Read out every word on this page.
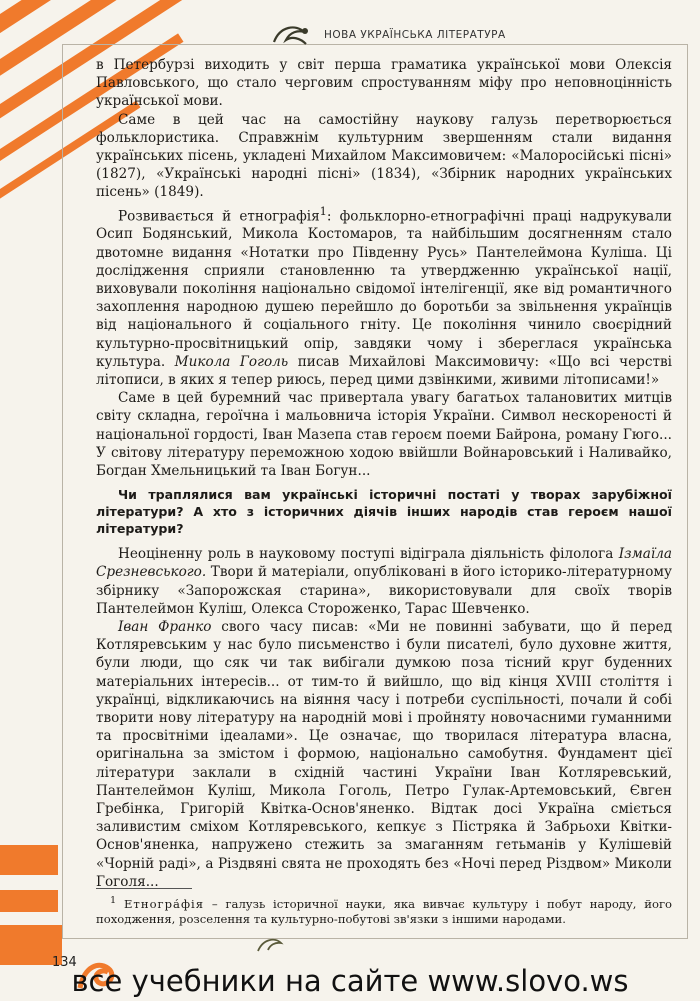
НОВА УКРАЇНСЬКА ЛІТЕРАТУРА

в Петербурзі виходить у світ перша граматика української мови Олексія Павловського, що стало черговим спростуванням міфу про неповноцінність української мови.

Саме в цей час на самостійну наукову галузь перетворюється фольклористика. Справжнім культурним звершенням стали видання українських пісень, укладені Михайлом Максимовичем: «Малоросійські пісні» (1827), «Українські народні пісні» (1834), «Збірник народних українських пісень» (1849).

Розвивається й етнографія$^1$: фольклорно-етнографічні праці надрукували Осип Бодянський, Микола Костомаров, та найбільшим досягненням стало двотомне видання «Нотатки про Південну Русь» Пантелеймона Куліша. Ці дослідження сприяли становленню та утвердженню української нації, виховували покоління національно свідомої інтелігенції, яке від романтичного захоплення народною душею перейшло до боротьби за звільнення українців від національного й соціального гніту. Це покоління чинило своєрідний культурно-просвітницький опір, завдяки чому і збереглася українська культура. Микола Гоголь писав Михайлові Максимовичу: «Що всі черстві літописи, в яких я тепер риюсь, перед цими дзвінкими, живими літописами!»

Саме в цей буремний час привертала увагу багатьох талановитих митців світу складна, героїчна і мальовнича історія України. Символ нескореності й національної гордості, Іван Мазепа став героєм поеми Байрона, роману Гюго... У світову літературу переможною ходою ввійшли Войнаровський і Наливайко, Богдан Хмельницький та Іван Богун...

Чи траплялися вам українські історичні постаті у творах зарубіжної літератури? А хто з історичних діячів інших народів став героєм нашої літератури?

Неоціненну роль в науковому поступі відіграла діяльність філолога Ізмаїла Срезневського. Твори й матеріали, опубліковані в його історико-літературному збірнику «Запорожская старина», використовували для своїх творів Пантелеймон Куліш, Олекса Стороженко, Тарас Шевченко.

Іван Франко свого часу писав: «Ми не повинні забувати, що й перед Котляревським у нас було письменство і були писателі, було духовне життя, були люди, що сяк чи так вибігали думкою поза тісний круг буденних матеріальних інтересів... от тим-то й вийшло, що від кінця XVIII століття і українці, відкликаючись на віяння часу і потреби суспільності, почали й собі творити нову літературу на народній мові і пройняту новочасними гуманними та просвітніми ідеалами». Це означає, що творилася література власна, оригінальна за змістом і формою, національно самобутня. Фундамент цієї літератури заклали в східній частині України Іван Котляревський, Пантелеймон Куліш, Микола Гоголь, Петро Гулак-Артемовський, Євген Гребінка, Григорій Квітка-Основ'яненко. Відтак досі Україна сміється заливистим сміхом Котляревського, кепкує з Пістряка й Забрьохи Квітки-Основ'яненка, напружено стежить за змаганням гетьманів у Кулішевій «Чорній раді», а Різдвяні свята не проходять без «Ночі перед Різдвом» Миколи Гоголя...

$^1$ Етногра́фія – галузь історичної науки, яка вивчає культуру і побут народу, його походження, розселення та культурно-побутові зв'язки з іншими народами.
134
все учебники на сайте www.slovo.ws
